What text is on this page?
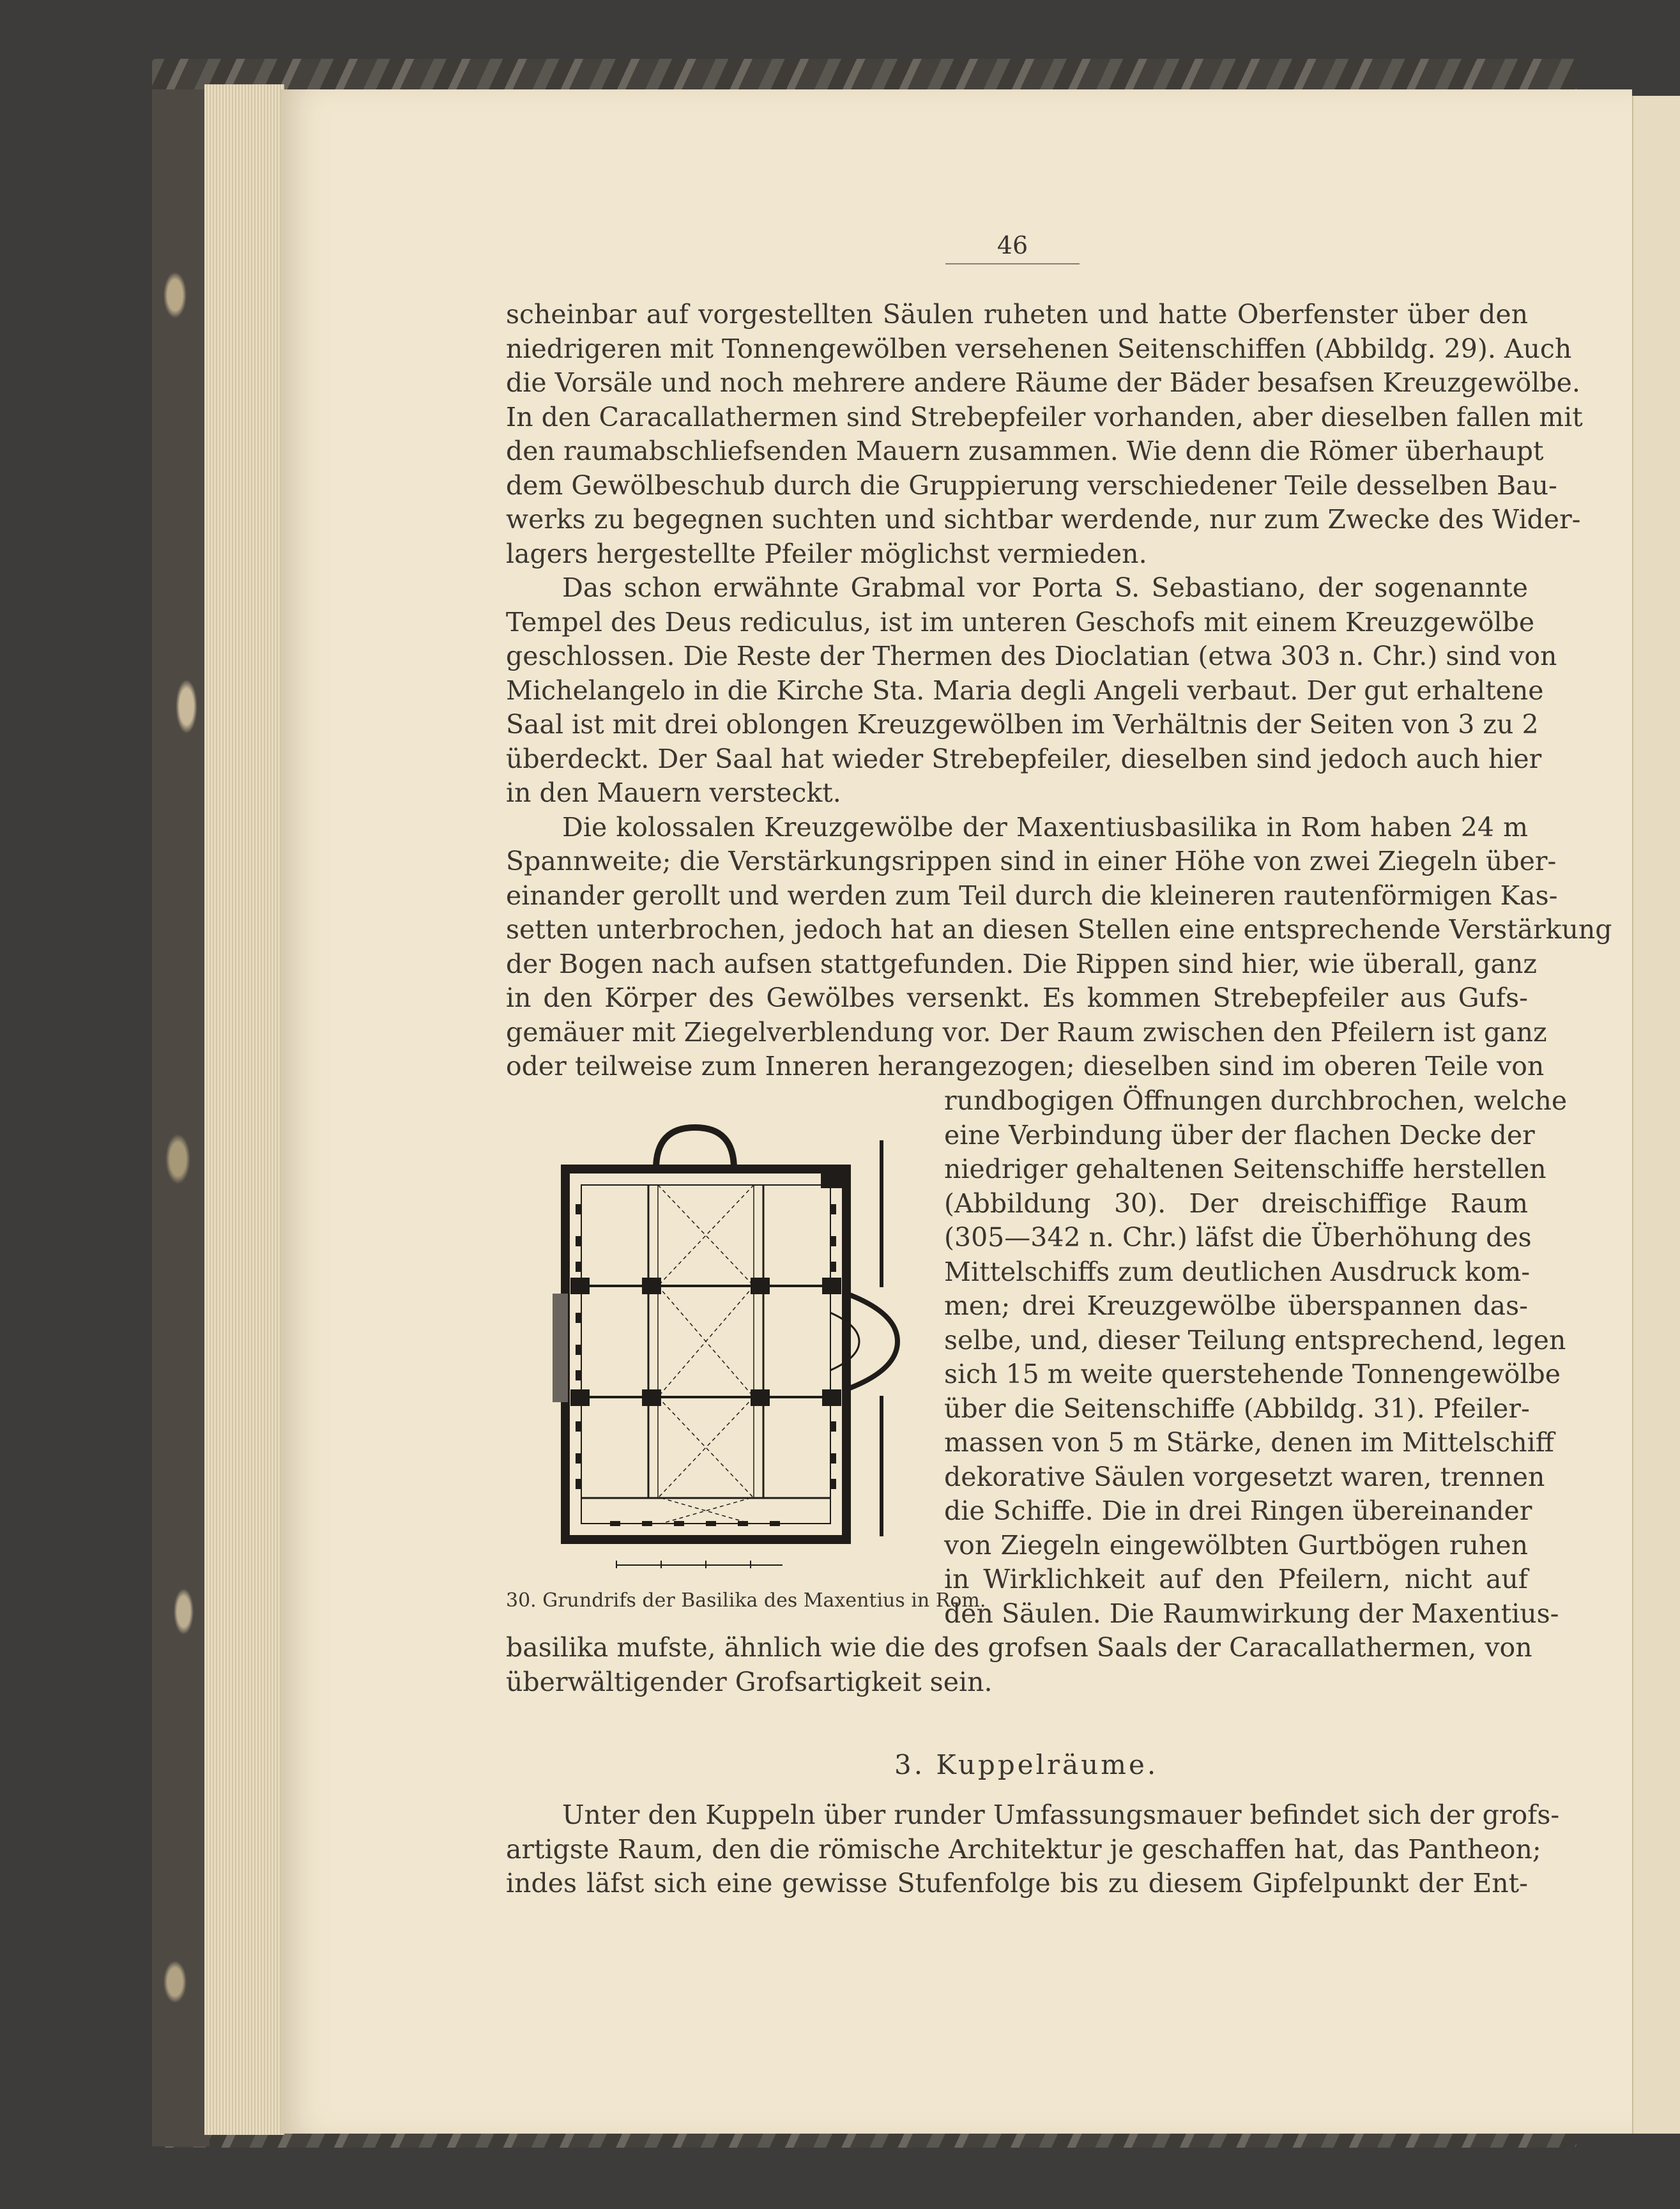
46
scheinbar auf vorgestellten Säulen ruheten und hatte Oberfenster über den
niedrigeren mit Tonnengewölben versehenen Seitenschiffen (Abbildg. 29). Auch
die Vorsäle und noch mehrere andere Räume der Bäder besafsen Kreuzgewölbe.
In den Caracallathermen sind Strebepfeiler vorhanden, aber dieselben fallen mit
den raumabschliefsenden Mauern zusammen. Wie denn die Römer überhaupt
dem Gewölbeschub durch die Gruppierung verschiedener Teile desselben Bau-
werks zu begegnen suchten und sichtbar werdende, nur zum Zwecke des Wider-
lagers hergestellte Pfeiler möglichst vermieden.
Das schon erwähnte Grabmal vor Porta S. Sebastiano, der sogenannte
Tempel des Deus rediculus, ist im unteren Geschofs mit einem Kreuzgewölbe
geschlossen. Die Reste der Thermen des Dioclatian (etwa 303 n. Chr.) sind von
Michelangelo in die Kirche Sta. Maria degli Angeli verbaut. Der gut erhaltene
Saal ist mit drei oblongen Kreuzgewölben im Verhältnis der Seiten von 3 zu 2
überdeckt. Der Saal hat wieder Strebepfeiler, dieselben sind jedoch auch hier
in den Mauern versteckt.
Die kolossalen Kreuzgewölbe der Maxentiusbasilika in Rom haben 24 m
Spannweite; die Verstärkungsrippen sind in einer Höhe von zwei Ziegeln über-
einander gerollt und werden zum Teil durch die kleineren rautenförmigen Kas-
setten unterbrochen, jedoch hat an diesen Stellen eine entsprechende Verstärkung
der Bogen nach aufsen stattgefunden. Die Rippen sind hier, wie überall, ganz
in den Körper des Gewölbes versenkt. Es kommen Strebepfeiler aus Gufs-
gemäuer mit Ziegelverblendung vor. Der Raum zwischen den Pfeilern ist ganz
oder teilweise zum Inneren herangezogen; dieselben sind im oberen Teile von
rundbogigen Öffnungen durchbrochen, welche
eine Verbindung über der flachen Decke der
niedriger gehaltenen Seitenschiffe herstellen
(Abbildung 30). Der dreischiffige Raum
(305—342 n. Chr.) läfst die Überhöhung des
Mittelschiffs zum deutlichen Ausdruck kom-
men; drei Kreuzgewölbe überspannen das-
selbe, und, dieser Teilung entsprechend, legen
sich 15 m weite querstehende Tonnengewölbe
über die Seitenschiffe (Abbildg. 31). Pfeiler-
massen von 5 m Stärke, denen im Mittelschiff
dekorative Säulen vorgesetzt waren, trennen
die Schiffe. Die in drei Ringen übereinander
von Ziegeln eingewölbten Gurtbögen ruhen
in Wirklichkeit auf den Pfeilern, nicht auf
den Säulen. Die Raumwirkung der Maxentius-
30. Grundrifs der Basilika des Maxentius in Rom.
basilika mufste, ähnlich wie die des grofsen Saals der Caracallathermen, von
überwältigender Grofsartigkeit sein.
3. Kuppelräume.
Unter den Kuppeln über runder Umfassungsmauer befindet sich der grofs-
artigste Raum, den die römische Architektur je geschaffen hat, das Pantheon;
indes läfst sich eine gewisse Stufenfolge bis zu diesem Gipfelpunkt der Ent-
